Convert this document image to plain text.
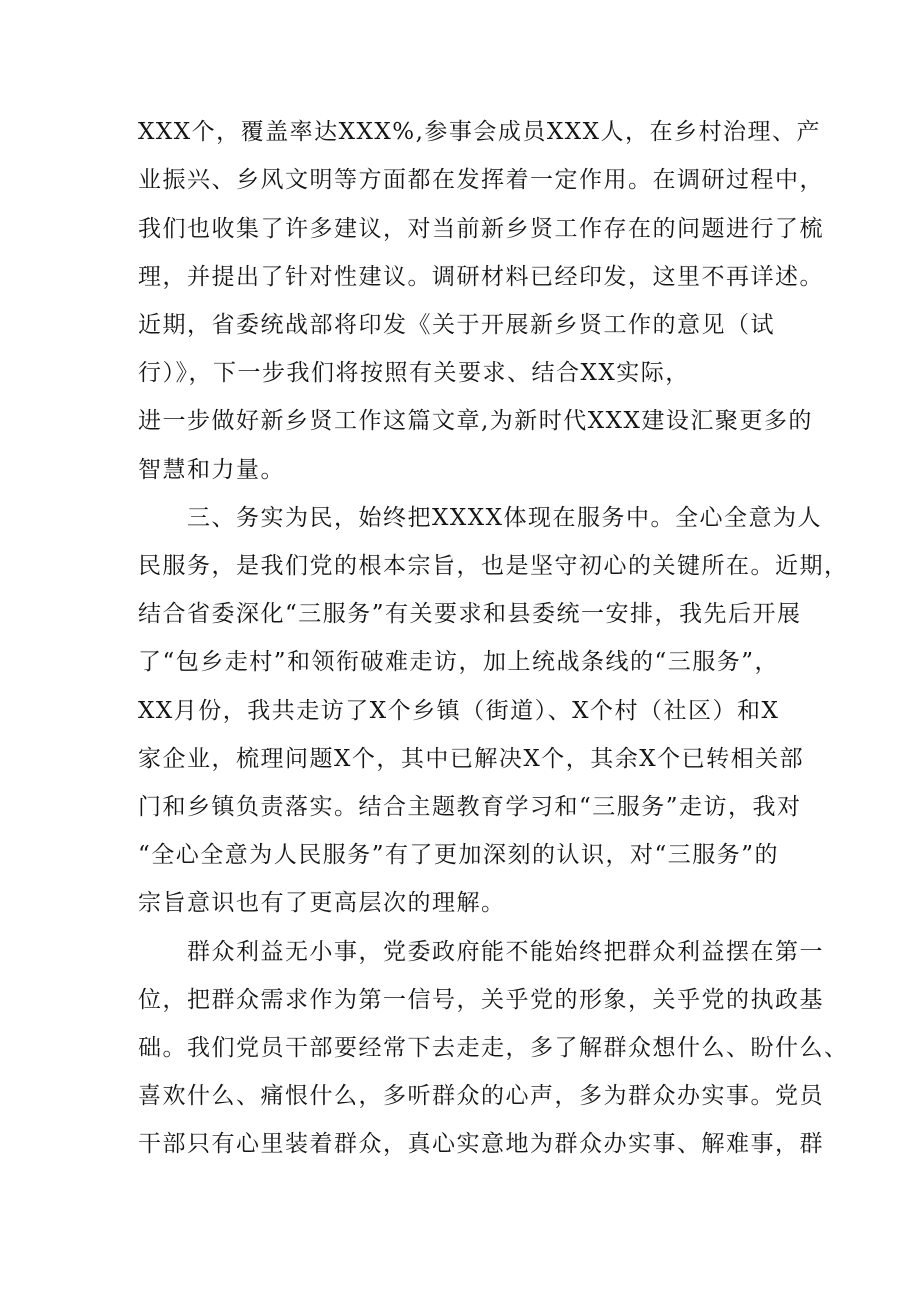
XXX个，覆盖率达XXX%,参事会成员XXX人，在乡村治理、产
业振兴、乡风文明等方面都在发挥着一定作用。在调研过程中，
我们也收集了许多建议，对当前新乡贤工作存在的问题进行了梳
理，并提出了针对性建议。调研材料已经印发，这里不再详述。
近期，省委统战部将印发《关于开展新乡贤工作的意见（试
行）》，下一步我们将按照有关要求、结合XX实际，
进一步做好新乡贤工作这篇文章,为新时代XXX建设汇聚更多的
智慧和力量。
三、务实为民，始终把XXXX体现在服务中。全心全意为人
民服务，是我们党的根本宗旨，也是坚守初心的关键所在。近期，
结合省委深化“三服务”有关要求和县委统一安排，我先后开展
了“包乡走村”和领衔破难走访，加上统战条线的“三服务”，
XX月份，我共走访了X个乡镇（街道）、X个村（社区）和X
家企业，梳理问题X个，其中已解决X个，其余X个已转相关部
门和乡镇负责落实。结合主题教育学习和“三服务”走访，我对
“全心全意为人民服务”有了更加深刻的认识，对“三服务”的
宗旨意识也有了更高层次的理解。
群众利益无小事，党委政府能不能始终把群众利益摆在第一
位，把群众需求作为第一信号，关乎党的形象，关乎党的执政基
础。我们党员干部要经常下去走走，多了解群众想什么、盼什么、
喜欢什么、痛恨什么，多听群众的心声，多为群众办实事。党员
干部只有心里装着群众，真心实意地为群众办实事、解难事，群
